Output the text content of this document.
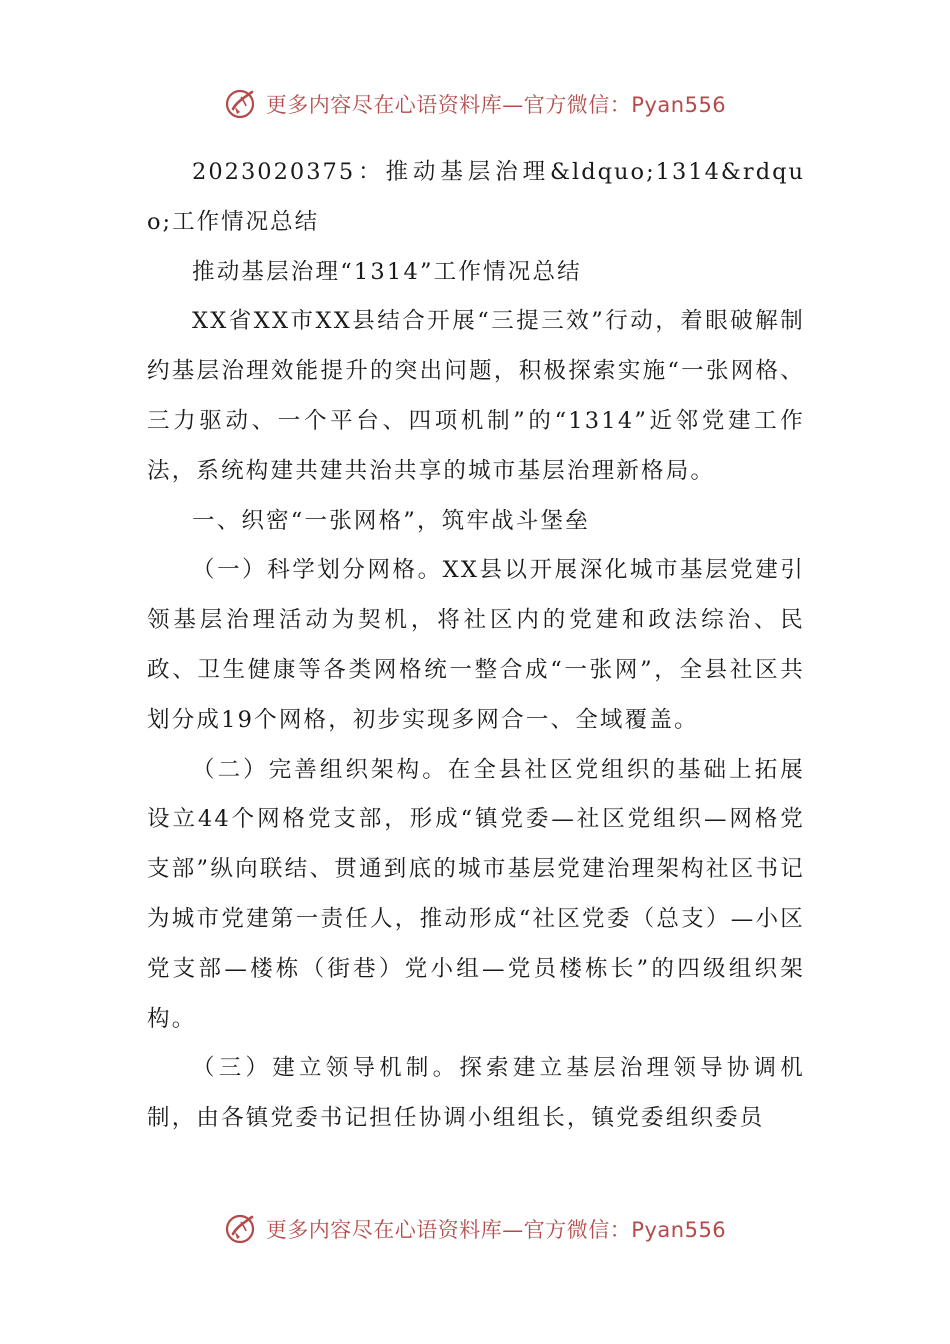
更多内容尽在心语资料库—官方微信：Pyan556

2023020375：推动基层治理&ldquo;1314&rdquo;工作情况总结

推动基层治理“1314”工作情况总结

XX省XX市XX县结合开展“三提三效”行动，着眼破解制约基层治理效能提升的突出问题，积极探索实施“一张网格、三力驱动、一个平台、四项机制”的“1314”近邻党建工作法，系统构建共建共治共享的城市基层治理新格局。

一、织密“一张网格”，筑牢战斗堡垒

（一）科学划分网格。XX县以开展深化城市基层党建引领基层治理活动为契机，将社区内的党建和政法综治、民政、卫生健康等各类网格统一整合成“一张网”，全县社区共划分成19个网格，初步实现多网合一、全域覆盖。

（二）完善组织架构。在全县社区党组织的基础上拓展设立44个网格党支部，形成“镇党委—社区党组织—网格党支部”纵向联结、贯通到底的城市基层党建治理架构社区书记为城市党建第一责任人，推动形成“社区党委（总支）—小区党支部—楼栋（街巷）党小组—党员楼栋长”的四级组织架构。

（三）建立领导机制。探索建立基层治理领导协调机制，由各镇党委书记担任协调小组组长，镇党委组织委员

更多内容尽在心语资料库—官方微信：Pyan556
